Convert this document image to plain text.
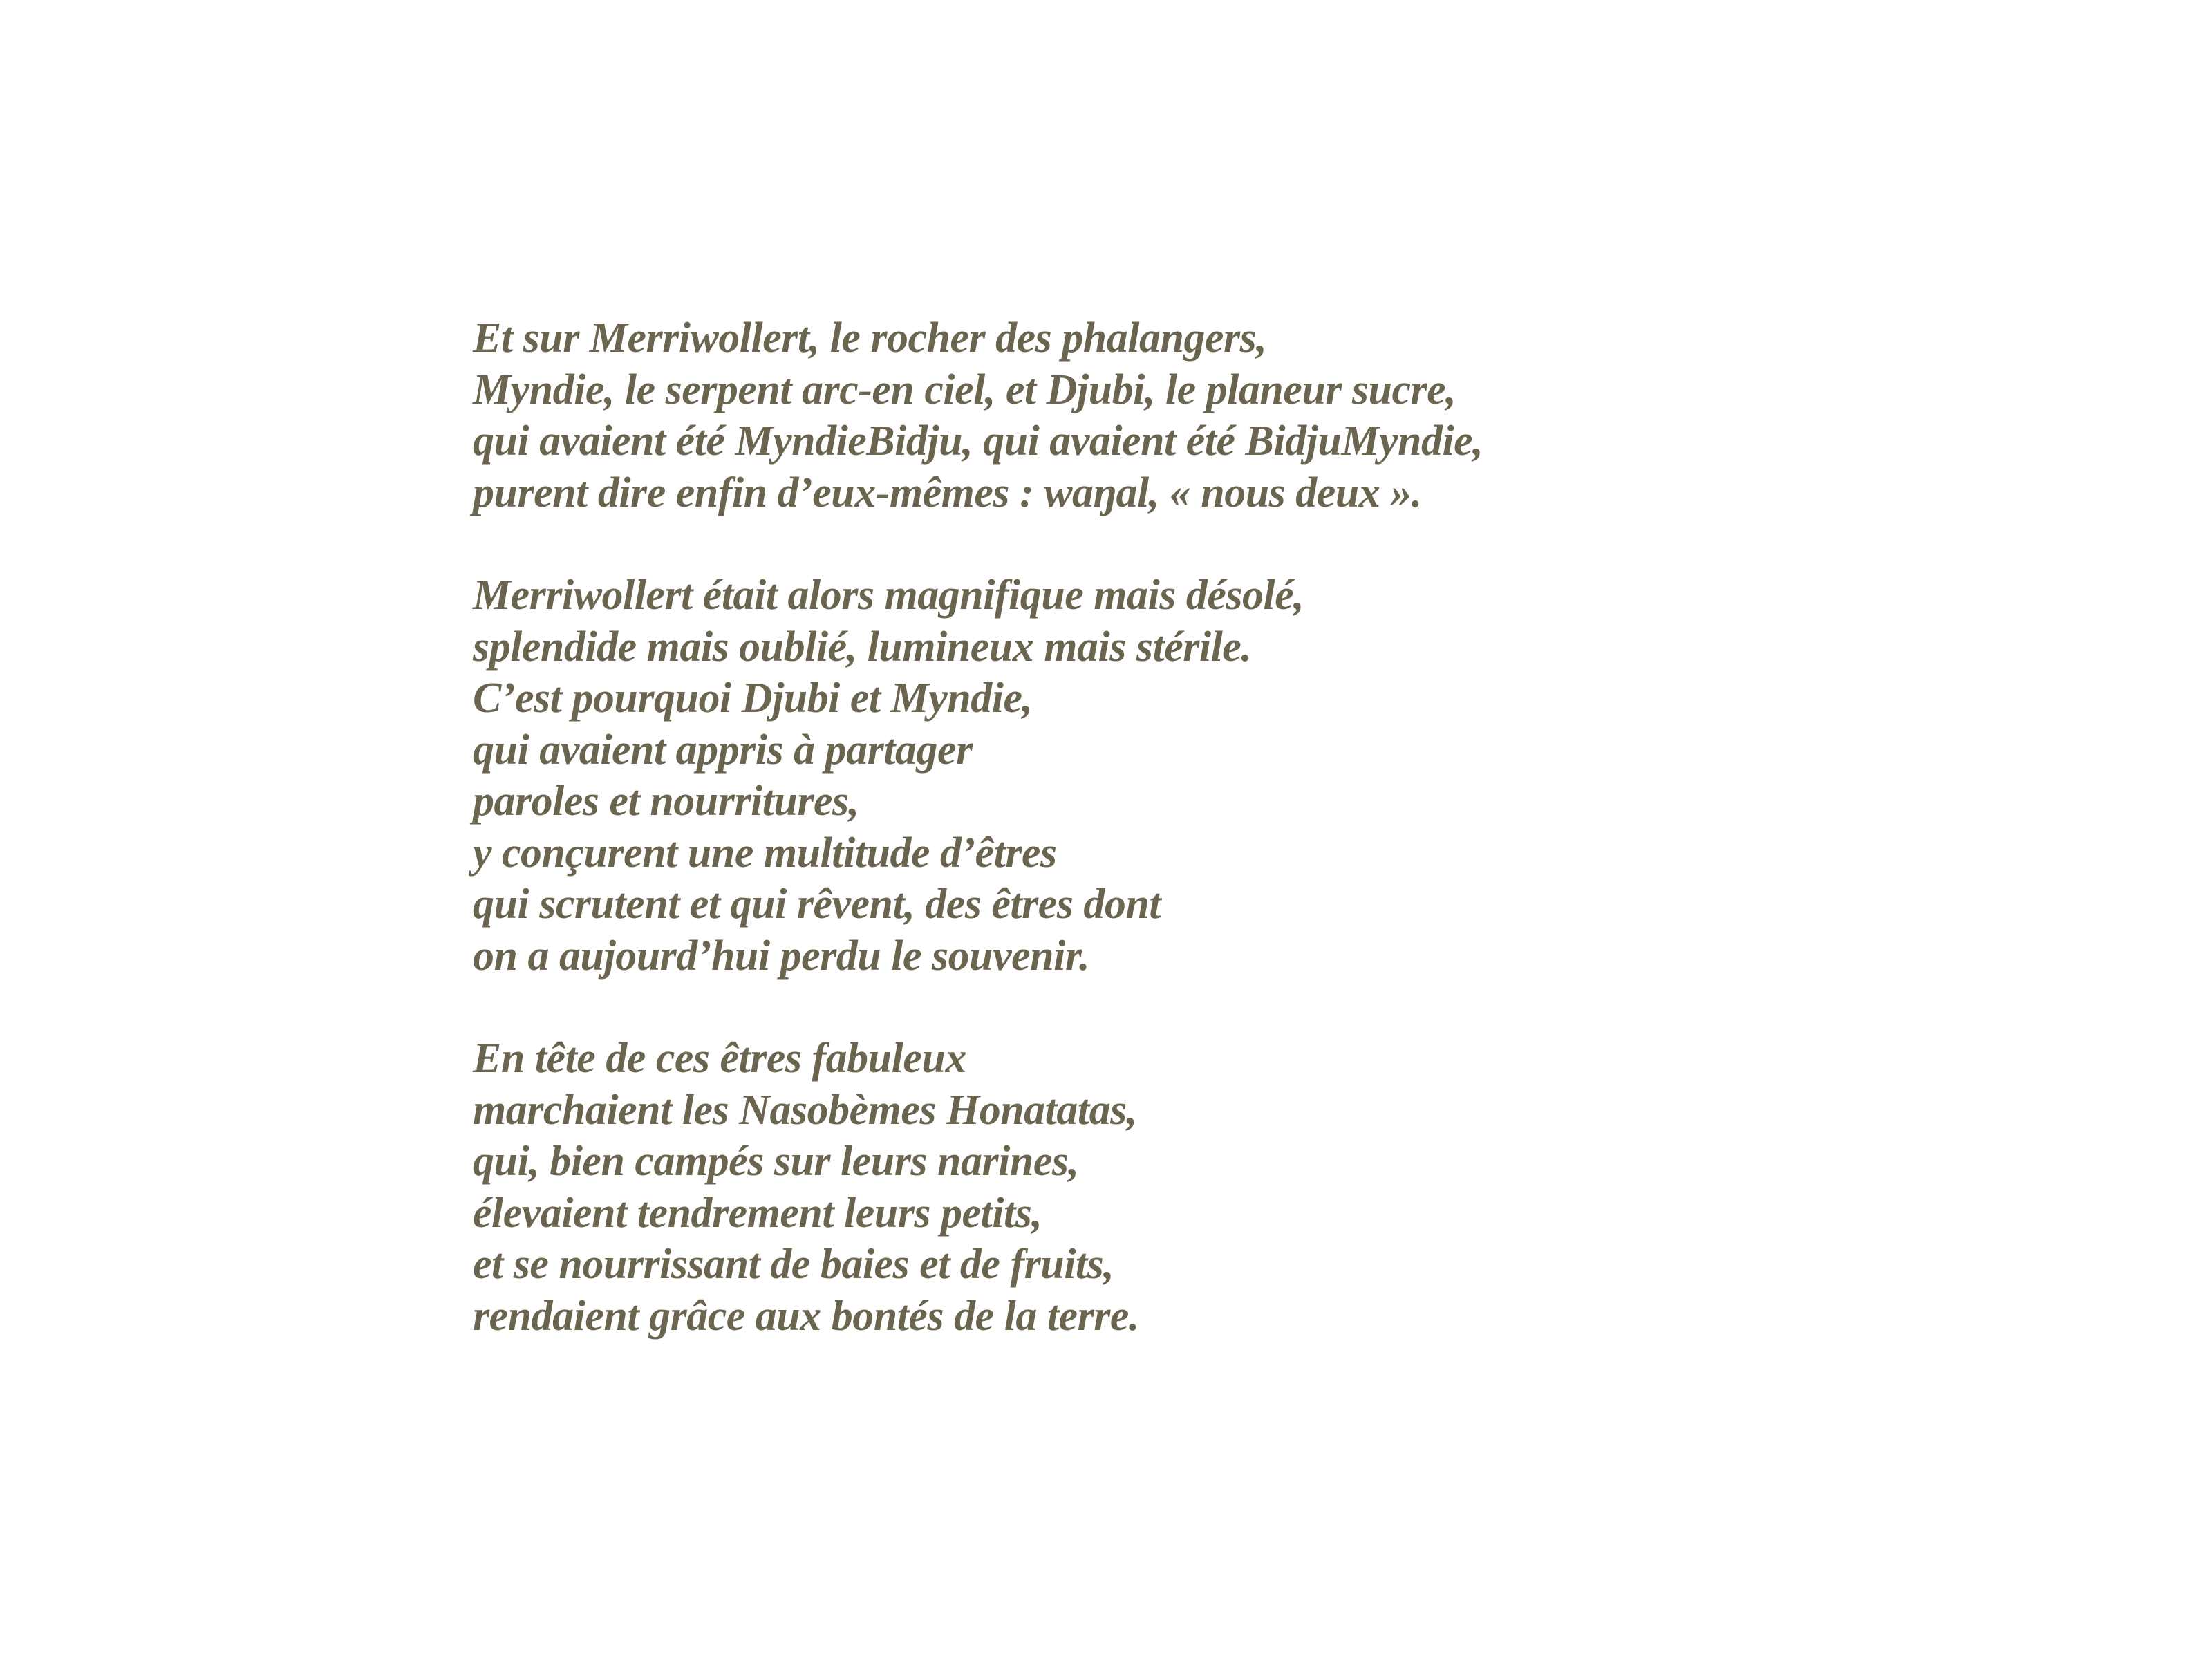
Et sur Merriwollert, le rocher des phalangers,
Myndie, le serpent arc-en ciel, et Djubi, le planeur sucre,
qui avaient été MyndieBidju, qui avaient été BidjuMyndie,
purent dire enfin d’eux-mêmes : waŋal, « nous deux ».
Merriwollert était alors magnifique mais désolé,
splendide mais oublié, lumineux mais stérile.
C’est pourquoi Djubi et Myndie,
qui avaient appris à partager
paroles et nourritures,
y conçurent une multitude d’êtres
qui scrutent et qui rêvent, des êtres dont
on a aujourd’hui perdu le souvenir.
En tête de ces êtres fabuleux
marchaient les Nasobèmes Honatatas,
qui, bien campés sur leurs narines,
élevaient tendrement leurs petits,
et se nourrissant de baies et de fruits,
rendaient grâce aux bontés de la terre.
